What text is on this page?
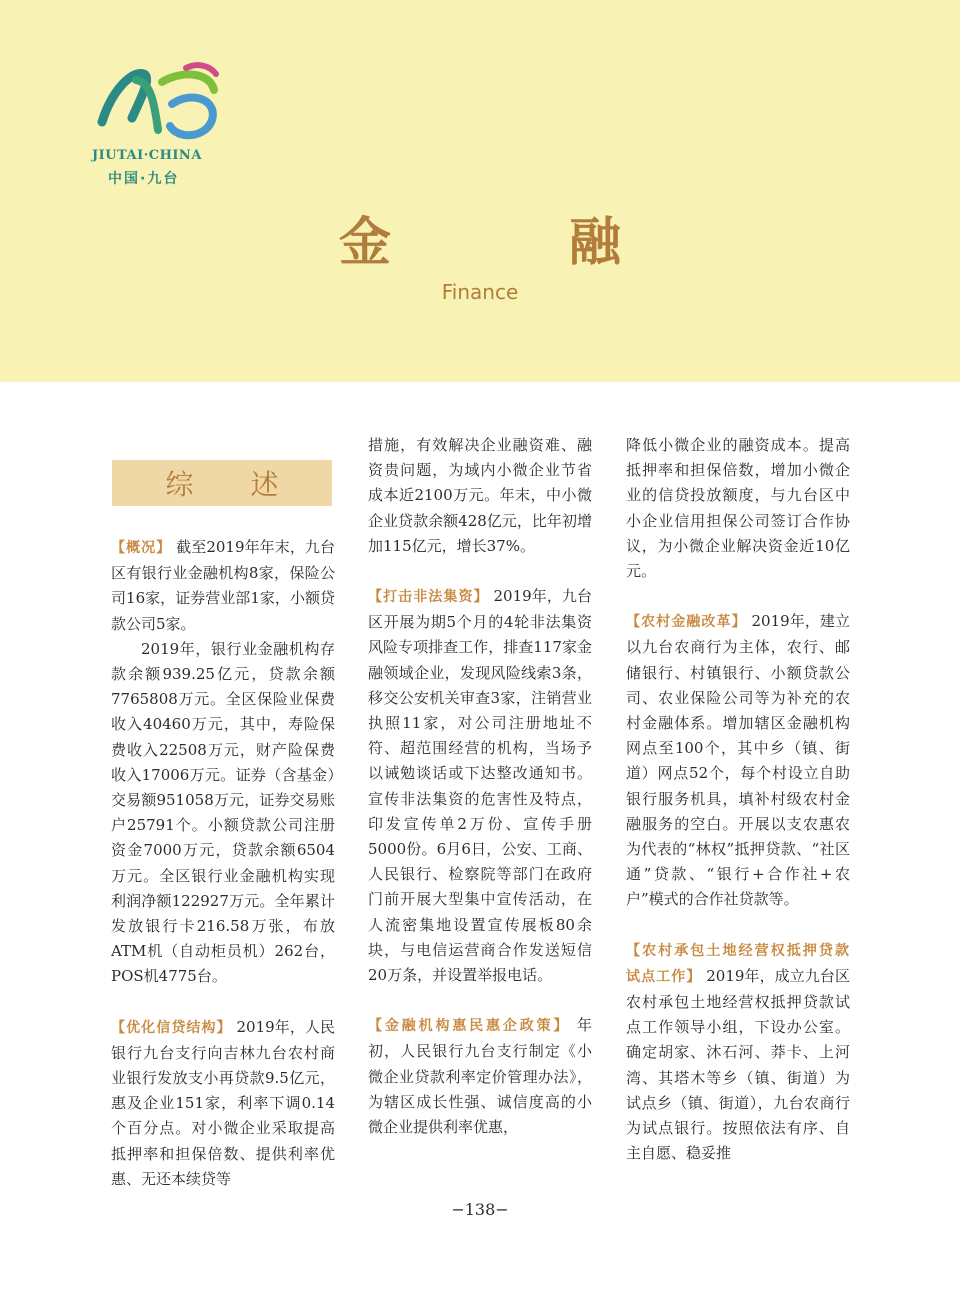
JIUTAI·CHINA
中国·九台
金 融
Finance
综 述

【概况】 截至2019年年末，九台区有银行业金融机构8家，保险公司16家，证券营业部1家，小额贷款公司5家。

2019年，银行业金融机构存款余额939.25亿元，贷款余额7765808万元。全区保险业保费收入40460万元，其中，寿险保费收入22508万元，财产险保费收入17006万元。证券（含基金）交易额951058万元，证券交易账户25791个。小额贷款公司注册资金7000万元，贷款余额6504万元。全区银行业金融机构实现利润净额122927万元。全年累计发放银行卡216.58万张，布放ATM机（自动柜员机）262台，POS机4775台。

【优化信贷结构】 2019年，人民银行九台支行向吉林九台农村商业银行发放支小再贷款9.5亿元，惠及企业151家，利率下调0.14个百分点。对小微企业采取提高抵押率和担保倍数、提供利率优惠、无还本续贷等

措施，有效解决企业融资难、融资贵问题，为域内小微企业节省成本近2100万元。年末，中小微企业贷款余额428亿元，比年初增加115亿元，增长37%。

【打击非法集资】 2019年，九台区开展为期5个月的4轮非法集资风险专项排查工作，排查117家金融领域企业，发现风险线索3条，移交公安机关审查3家，注销营业执照11家，对公司注册地址不符、超范围经营的机构，当场予以诫勉谈话或下达整改通知书。宣传非法集资的危害性及特点，印发宣传单2万份、宣传手册5000份。6月6日，公安、工商、人民银行、检察院等部门在政府门前开展大型集中宣传活动，在人流密集地设置宣传展板80余块，与电信运营商合作发送短信20万条，并设置举报电话。

【金融机构惠民惠企政策】 年初，人民银行九台支行制定《小微企业贷款利率定价管理办法》，为辖区成长性强、诚信度高的小微企业提供利率优惠，

降低小微企业的融资成本。提高抵押率和担保倍数，增加小微企业的信贷投放额度，与九台区中小企业信用担保公司签订合作协议，为小微企业解决资金近10亿元。

【农村金融改革】 2019年，建立以九台农商行为主体，农行、邮储银行、村镇银行、小额贷款公司、农业保险公司等为补充的农村金融体系。增加辖区金融机构网点至100个，其中乡（镇、街道）网点52个，每个村设立自助银行服务机具，填补村级农村金融服务的空白。开展以支农惠农为代表的“林权”抵押贷款、“社区通”贷款、“银行+合作社+农户”模式的合作社贷款等。

【农村承包土地经营权抵押贷款试点工作】 2019年，成立九台区农村承包土地经营权抵押贷款试点工作领导小组，下设办公室。确定胡家、沐石河、莽卡、上河湾、其塔木等乡（镇、街道）为试点乡（镇、街道），九台农商行为试点银行。按照依法有序、自主自愿、稳妥推

−138−
